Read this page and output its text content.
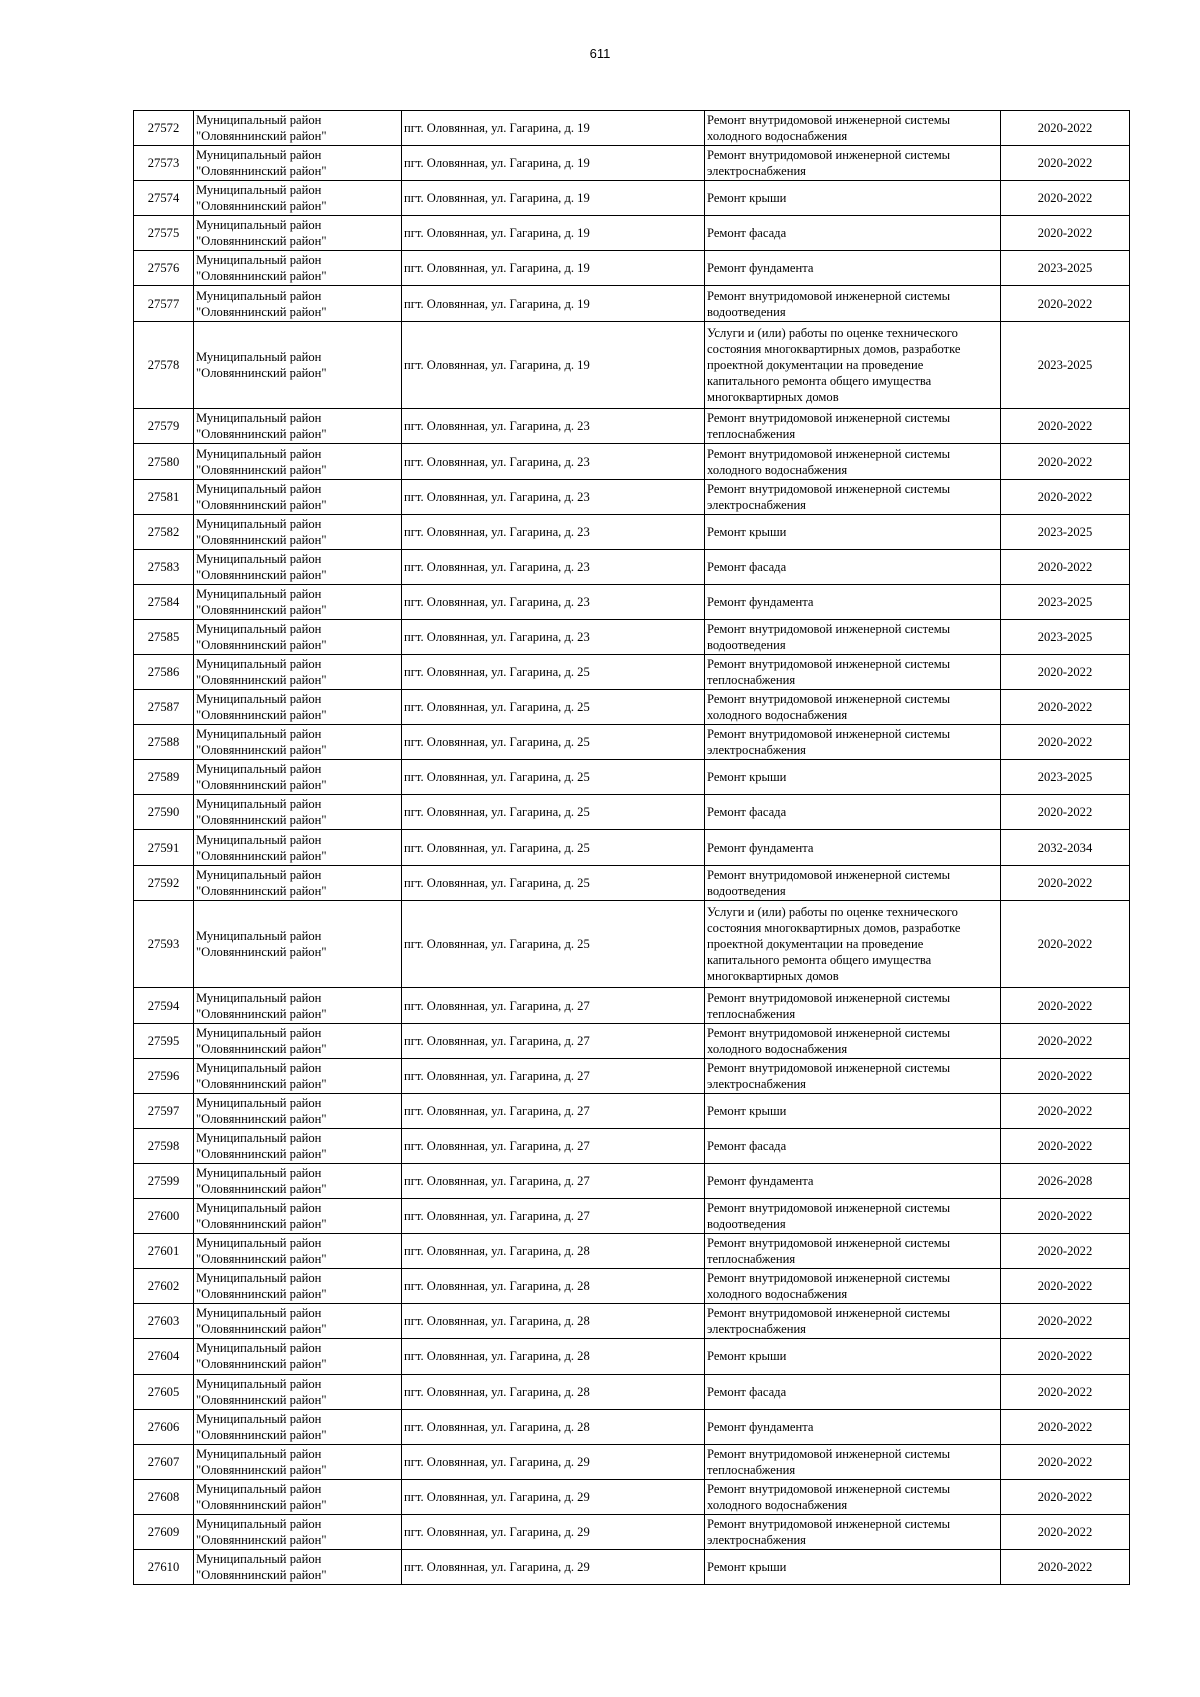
611
27572	Муниципальный район
"Оловяннинский район"	пгт. Оловянная, ул. Гагарина, д. 19	Ремонт внутридомовой инженерной системы холодного водоснабжения	2020-2022
27573	Муниципальный район
"Оловяннинский район"	пгт. Оловянная, ул. Гагарина, д. 19	Ремонт внутридомовой инженерной системы электроснабжения	2020-2022
27574	Муниципальный район
"Оловяннинский район"	пгт. Оловянная, ул. Гагарина, д. 19	Ремонт крыши	2020-2022
27575	Муниципальный район
"Оловяннинский район"	пгт. Оловянная, ул. Гагарина, д. 19	Ремонт фасада	2020-2022
27576	Муниципальный район
"Оловяннинский район"	пгт. Оловянная, ул. Гагарина, д. 19	Ремонт фундамента	2023-2025
27577	Муниципальный район
"Оловяннинский район"	пгт. Оловянная, ул. Гагарина, д. 19	Ремонт внутридомовой инженерной системы водоотведения	2020-2022
27578	Муниципальный район
"Оловяннинский район"	пгт. Оловянная, ул. Гагарина, д. 19	Услуги и (или) работы по оценке технического состояния многоквартирных домов, разработке проектной документации на проведение капитального ремонта общего имущества многоквартирных домов	2023-2025
27579	Муниципальный район
"Оловяннинский район"	пгт. Оловянная, ул. Гагарина, д. 23	Ремонт внутридомовой инженерной системы теплоснабжения	2020-2022
27580	Муниципальный район
"Оловяннинский район"	пгт. Оловянная, ул. Гагарина, д. 23	Ремонт внутридомовой инженерной системы холодного водоснабжения	2020-2022
27581	Муниципальный район
"Оловяннинский район"	пгт. Оловянная, ул. Гагарина, д. 23	Ремонт внутридомовой инженерной системы электроснабжения	2020-2022
27582	Муниципальный район
"Оловяннинский район"	пгт. Оловянная, ул. Гагарина, д. 23	Ремонт крыши	2023-2025
27583	Муниципальный район
"Оловяннинский район"	пгт. Оловянная, ул. Гагарина, д. 23	Ремонт фасада	2020-2022
27584	Муниципальный район
"Оловяннинский район"	пгт. Оловянная, ул. Гагарина, д. 23	Ремонт фундамента	2023-2025
27585	Муниципальный район
"Оловяннинский район"	пгт. Оловянная, ул. Гагарина, д. 23	Ремонт внутридомовой инженерной системы водоотведения	2023-2025
27586	Муниципальный район
"Оловяннинский район"	пгт. Оловянная, ул. Гагарина, д. 25	Ремонт внутридомовой инженерной системы теплоснабжения	2020-2022
27587	Муниципальный район
"Оловяннинский район"	пгт. Оловянная, ул. Гагарина, д. 25	Ремонт внутридомовой инженерной системы холодного водоснабжения	2020-2022
27588	Муниципальный район
"Оловяннинский район"	пгт. Оловянная, ул. Гагарина, д. 25	Ремонт внутридомовой инженерной системы электроснабжения	2020-2022
27589	Муниципальный район
"Оловяннинский район"	пгт. Оловянная, ул. Гагарина, д. 25	Ремонт крыши	2023-2025
27590	Муниципальный район
"Оловяннинский район"	пгт. Оловянная, ул. Гагарина, д. 25	Ремонт фасада	2020-2022
27591	Муниципальный район
"Оловяннинский район"	пгт. Оловянная, ул. Гагарина, д. 25	Ремонт фундамента	2032-2034
27592	Муниципальный район
"Оловяннинский район"	пгт. Оловянная, ул. Гагарина, д. 25	Ремонт внутридомовой инженерной системы водоотведения	2020-2022
27593	Муниципальный район
"Оловяннинский район"	пгт. Оловянная, ул. Гагарина, д. 25	Услуги и (или) работы по оценке технического состояния многоквартирных домов, разработке проектной документации на проведение капитального ремонта общего имущества многоквартирных домов	2020-2022
27594	Муниципальный район
"Оловяннинский район"	пгт. Оловянная, ул. Гагарина, д. 27	Ремонт внутридомовой инженерной системы теплоснабжения	2020-2022
27595	Муниципальный район
"Оловяннинский район"	пгт. Оловянная, ул. Гагарина, д. 27	Ремонт внутридомовой инженерной системы холодного водоснабжения	2020-2022
27596	Муниципальный район
"Оловяннинский район"	пгт. Оловянная, ул. Гагарина, д. 27	Ремонт внутридомовой инженерной системы электроснабжения	2020-2022
27597	Муниципальный район
"Оловяннинский район"	пгт. Оловянная, ул. Гагарина, д. 27	Ремонт крыши	2020-2022
27598	Муниципальный район
"Оловяннинский район"	пгт. Оловянная, ул. Гагарина, д. 27	Ремонт фасада	2020-2022
27599	Муниципальный район
"Оловяннинский район"	пгт. Оловянная, ул. Гагарина, д. 27	Ремонт фундамента	2026-2028
27600	Муниципальный район
"Оловяннинский район"	пгт. Оловянная, ул. Гагарина, д. 27	Ремонт внутридомовой инженерной системы водоотведения	2020-2022
27601	Муниципальный район
"Оловяннинский район"	пгт. Оловянная, ул. Гагарина, д. 28	Ремонт внутридомовой инженерной системы теплоснабжения	2020-2022
27602	Муниципальный район
"Оловяннинский район"	пгт. Оловянная, ул. Гагарина, д. 28	Ремонт внутридомовой инженерной системы холодного водоснабжения	2020-2022
27603	Муниципальный район
"Оловяннинский район"	пгт. Оловянная, ул. Гагарина, д. 28	Ремонт внутридомовой инженерной системы электроснабжения	2020-2022
27604	Муниципальный район
"Оловяннинский район"	пгт. Оловянная, ул. Гагарина, д. 28	Ремонт крыши	2020-2022
27605	Муниципальный район
"Оловяннинский район"	пгт. Оловянная, ул. Гагарина, д. 28	Ремонт фасада	2020-2022
27606	Муниципальный район
"Оловяннинский район"	пгт. Оловянная, ул. Гагарина, д. 28	Ремонт фундамента	2020-2022
27607	Муниципальный район
"Оловяннинский район"	пгт. Оловянная, ул. Гагарина, д. 29	Ремонт внутридомовой инженерной системы теплоснабжения	2020-2022
27608	Муниципальный район
"Оловяннинский район"	пгт. Оловянная, ул. Гагарина, д. 29	Ремонт внутридомовой инженерной системы холодного водоснабжения	2020-2022
27609	Муниципальный район
"Оловяннинский район"	пгт. Оловянная, ул. Гагарина, д. 29	Ремонт внутридомовой инженерной системы электроснабжения	2020-2022
27610	Муниципальный район
"Оловяннинский район"	пгт. Оловянная, ул. Гагарина, д. 29	Ремонт крыши	2020-2022
